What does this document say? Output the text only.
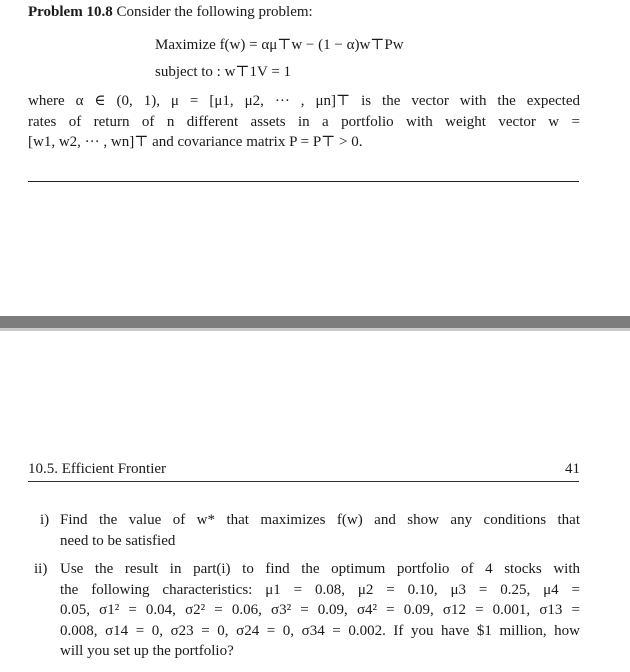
Problem 10.8 Consider the following problem:
Maximize f(w) = αμ⊤w − (1 − α)w⊤Pw
subject to : w⊤1V = 1
where α ∈ (0, 1), μ = [μ1, μ2, ··· , μn]⊤ is the vector with the expected
rates of return of n different assets in a portfolio with weight vector w =
[w1, w2, ··· , wn]⊤ and covariance matrix P = P⊤ > 0.
10.5. Efficient Frontier	41
i) Find the value of w* that maximizes f(w) and show any conditions that
need to be satisfied
ii) Use the result in part(i) to find the optimum portfolio of 4 stocks with
the following characteristics: μ1 = 0.08, μ2 = 0.10, μ3 = 0.25, μ4 =
0.05, σ1² = 0.04, σ2² = 0.06, σ3² = 0.09, σ4² = 0.09, σ12 = 0.001, σ13 =
0.008, σ14 = 0, σ23 = 0, σ24 = 0, σ34 = 0.002. If you have $1 million, how
will you set up the portfolio?
